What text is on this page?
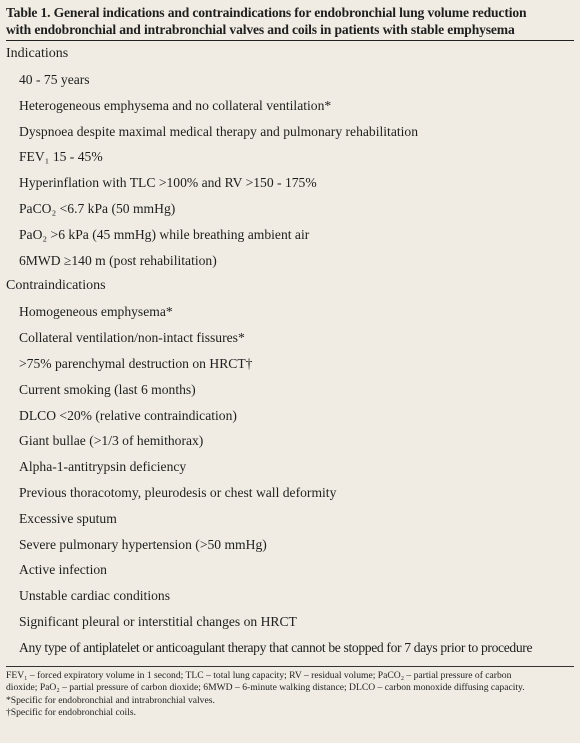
Table 1. General indications and contraindications for endobronchial lung volume reduction
with endobronchial and intrabronchial valves and coils in patients with stable emphysema
Indications
40 - 75 years
Heterogeneous emphysema and no collateral ventilation*
Dyspnoea despite maximal medical therapy and pulmonary rehabilitation
FEV₁ 15 - 45%
Hyperinflation with TLC >100% and RV >150 - 175%
PaCO₂ <6.7 kPa (50 mmHg)
PaO₂ >6 kPa (45 mmHg) while breathing ambient air
6MWD ≥140 m (post rehabilitation)
Contraindications
Homogeneous emphysema*
Collateral ventilation/non-intact fissures*
>75% parenchymal destruction on HRCT†
Current smoking (last 6 months)
DLCO <20% (relative contraindication)
Giant bullae (>1/3 of hemithorax)
Alpha-1-antitrypsin deficiency
Previous thoracotomy, pleurodesis or chest wall deformity
Excessive sputum
Severe pulmonary hypertension (>50 mmHg)
Active infection
Unstable cardiac conditions
Significant pleural or interstitial changes on HRCT
Any type of antiplatelet or anticoagulant therapy that cannot be stopped for 7 days prior to procedure
FEV₁ – forced expiratory volume in 1 second; TLC – total lung capacity; RV – residual volume; PaCO₂ – partial pressure of carbon
dioxide; PaO₂ – partial pressure of carbon dioxide; 6MWD – 6-minute walking distance; DLCO – carbon monoxide diffusing capacity.
*Specific for endobronchial and intrabronchial valves.
†Specific for endobronchial coils.
